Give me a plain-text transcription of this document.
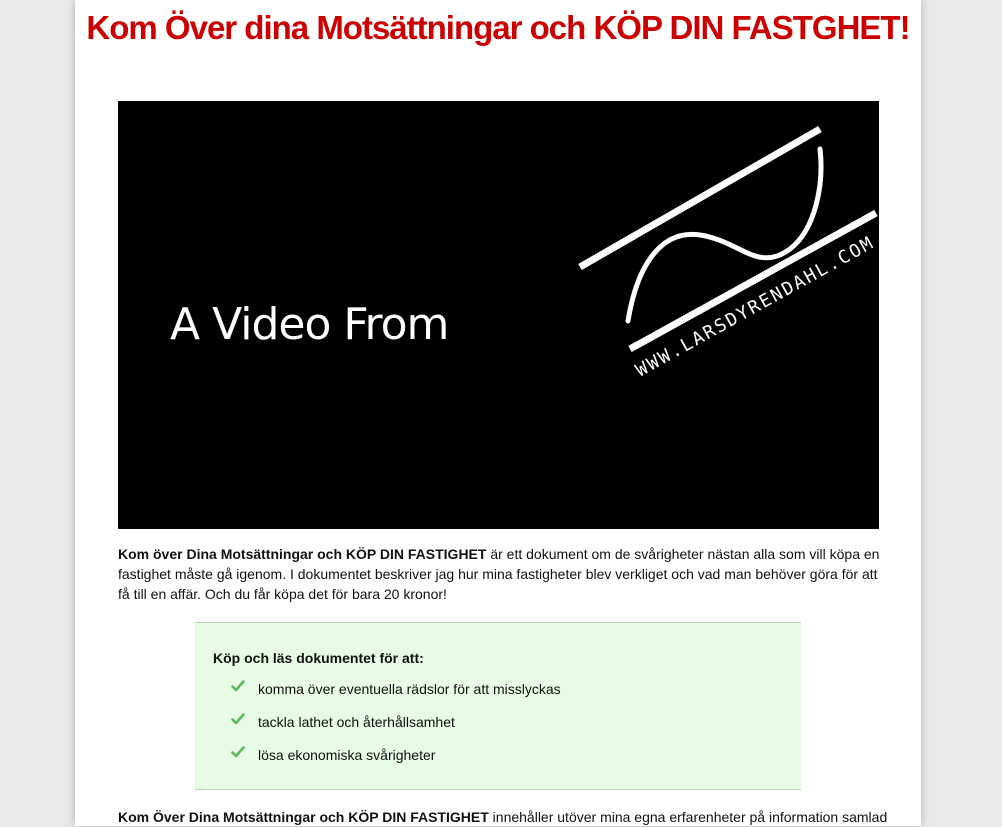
Kom Över dina Motsättningar och KÖP DIN FASTGHET!
A Video From	WWW.LARSDYRENDAHL.COM

Kom över Dina Motsättningar och KÖP DIN FASTIGHET är ett dokument om de svårigheter nästan alla som vill köpa en fastighet måste gå igenom. I dokumentet beskriver jag hur mina fastigheter blev verkliget och vad man behöver göra för att få till en affär. Och du får köpa det för bara 20 kronor!

Köp och läs dokumentet för att:

komma över eventuella rädslor för att misslyckas
tackla lathet och återhållsamhet
lösa ekonomiska svårigheter

Kom Över Dina Motsättningar och KÖP DIN FASTIGHET innehåller utöver mina egna erfarenheter på information samlad
